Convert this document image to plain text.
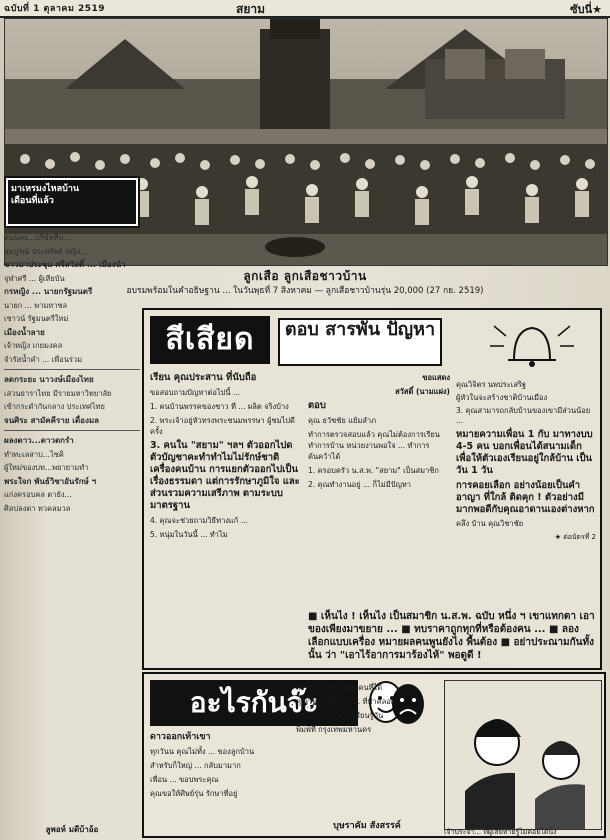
ฉบับที่ 1 ตุลาคม 2519	สยาม	ซับนี่★
ลูกเสือ ลูกเสือชาวบ้าน
อบรมพร้อมในคำอธิษฐาน ... ในวันพุธที่ 7 สิงหาคม — ลูกเสือชาวบ้านรุ่น 20,000 (27 กย. 2519)
มาเหรมงไหลบ้าน
เดือนที่แล้ว

ดนนคง...บริษัทที่บ...

สมบูรณ์ ประทรัพย์ หญิง...

ชาวมาประชุม ศรีสวัสดิ์ ... เมืองนำ

จุฬาศรี ... ผู้เหียบัน

กรหญิง ... นายกรัฐมนตรี

นายก ... พามหาชล

เชาวน์ รัฐมนตรีใหม่

เมืองน้ำลาย

เจ้าหญิง เกยมงคล

จำรัสน้ำคำ ... เพื่อนร่วม

ลดกระยะ นาวงษ์เมืองไทย

เสวนธาราไทย มีรายมหาวิทยาลัย

เข้ากระดำกันกลาง ประเทศไทย

จนศิระ สามัคคีราย เดื่องมล

ผลงดาว...ดาวตกรำ

ทำทะเลสาบ...ไซคิ

ผู้ใหม่ของบท...พยายามทำ

พระใจก พันธ์วิชาอันรักษ์ ฯ

แก่งครอบคล ตายัง...

ศิลปลงดา ทวคลมวล

ลูพอห์ มดีบ้าอ้อ
สีเสียด	ตอบ สารพัน ปัญหา

เรียน คุณประสาน ที่นับถือ

ขอสอบถามปัญหาต่อไปนี้ ...

1. คนบ้านพรรคของชาว ที่ ... ผลิต จริงบ้าง

2. พระเจ้าอยู่หัวทรงพระชนมพรรษา ผู้ชมไปดีครั้ง

3. คนใน "สยาม" ฯลฯ ตัวออกไปด ตัวบัญชาคะทำทำไมไม่รักษ์ชาติเครื่องคนบ้าน การแยกตัวออกไปเป็นเรื่องธรรมดา แต่การรักษาภูมิใจ และส่วนรวมความเสรีภาพ ตามระบบมาตรฐาน

4. คุณจะช่วยถามวิธีทางแก้ ...

5. หนุ่มในวันนี้ ... ทำไม

ขอแสดง

สวัสดิ์ (นามแฝง)

ตอบ

คุณ ธวัชชัย แย้มลำภ

ทำการตรวจสอบแล้ว คุณไม่ต้องการเรียนทำการบ้าน หน่วยงานพอใจ ... ทำการค้นคว้าได้

1. ครอบครัว น.ส.พ. "สยาม" เป็นสมาชิก

2. คุณทำงานอยู่ ... ก็ไม่มีปัญหา

คุณวิจิตร นพประเสริฐ

ผู้หัวในจะสร้างชาติบ้านเมือง

3. คุณสามารถกลับบ้านของเขามีส่วนน้อย ...

หมายความเพื่อน 1 กับ มาทางบบ 4-5 คน บอกเพื่อนได้สนามเด็ก เพื่อให้ตัวเองเรียนอยู่ใกล้บ้าน เป็นวัน 1 วัน

การคอยเลือก อย่างน้อยเป็นคำอาญา ที่ใกล้ ติดคุก ! ตัวอย่างมีมากพอดีกับคุณอาดานเองต่างหาก

คลึง บ้าน คุณวิชาชัย

★ ต่อบัตรที่ 2

■ เห็นไง ! เห็นไง เป็นสมาชิก น.ส.พ. ฉบับ หนึ่ง ฯ เขาแทกตา เอาของเพียงมาขยาย ... ■ ทบราคาถูกทุกที่หรือต้องคน ... ■ ลองเลือกแบบเครื่อง หมายผลคนพูนยังไง พื้นต้อง ■ อย่าประณามกันทั้งนั้น ว่า "เอาไร้อาการมาร้องไห้" พอดูดี !
อะไรกันจ๊ะ

ดาวออกเท้าเขา

ทุกวันน คุณไม่ทั้ง ... ของลูกบ้าน

สำหรับก็ใหญ่ ... กลับมามาก

เพื่อน ... ขอบพระคุณ

คุณขอให้ศิษย์รุ่น รักษาที่อยู่

การสอนของเขาขุนคนที่ได้

คุณวิทยา วิชาพร ... ที่ทำคลอด

ทำไมชาวบ้าน ... เรียนรู้กัน

พิมพ์ที่ กรุงเทพมหานคร

บุษราคัม สังสรรค์
เจ้าประจำ... ที่ผู้เสียหายรู้ไม่ค่อยได้นั่ง
